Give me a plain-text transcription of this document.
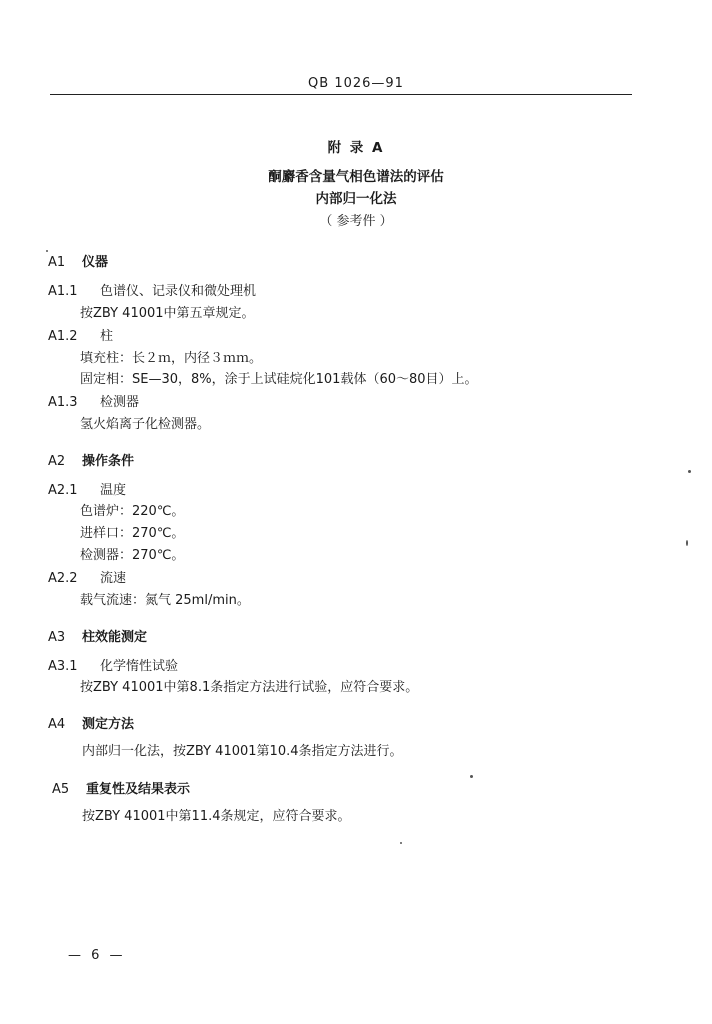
QB 1026—91
附 录 A
酮麝香含量气相色谱法的评估
内部归一化法
（ 参考件 ）
A1 仪器
A1.1 色谱仪、记录仪和微处理机
按ZBY 41001中第五章规定。
A1.2 柱
填充柱：长２ｍ，内径３ｍｍ。
固定相：SE—30，8%，涂于上试硅烷化101载体（60～80目）上。
A1.3 检测器
氢火焰离子化检测器。
A2 操作条件
A2.1 温度
色谱炉：220℃。
进样口：270℃。
检测器：270℃。
A2.2 流速
载气流速：氮气 25ml/min。
A3 柱效能测定
A3.1 化学惰性试验
按ZBY 41001中第8.1条指定方法进行试验，应符合要求。
A4 测定方法
内部归一化法，按ZBY 41001第10.4条指定方法进行。
A5 重复性及结果表示
按ZBY 41001中第11.4条规定，应符合要求。
— 6 —
